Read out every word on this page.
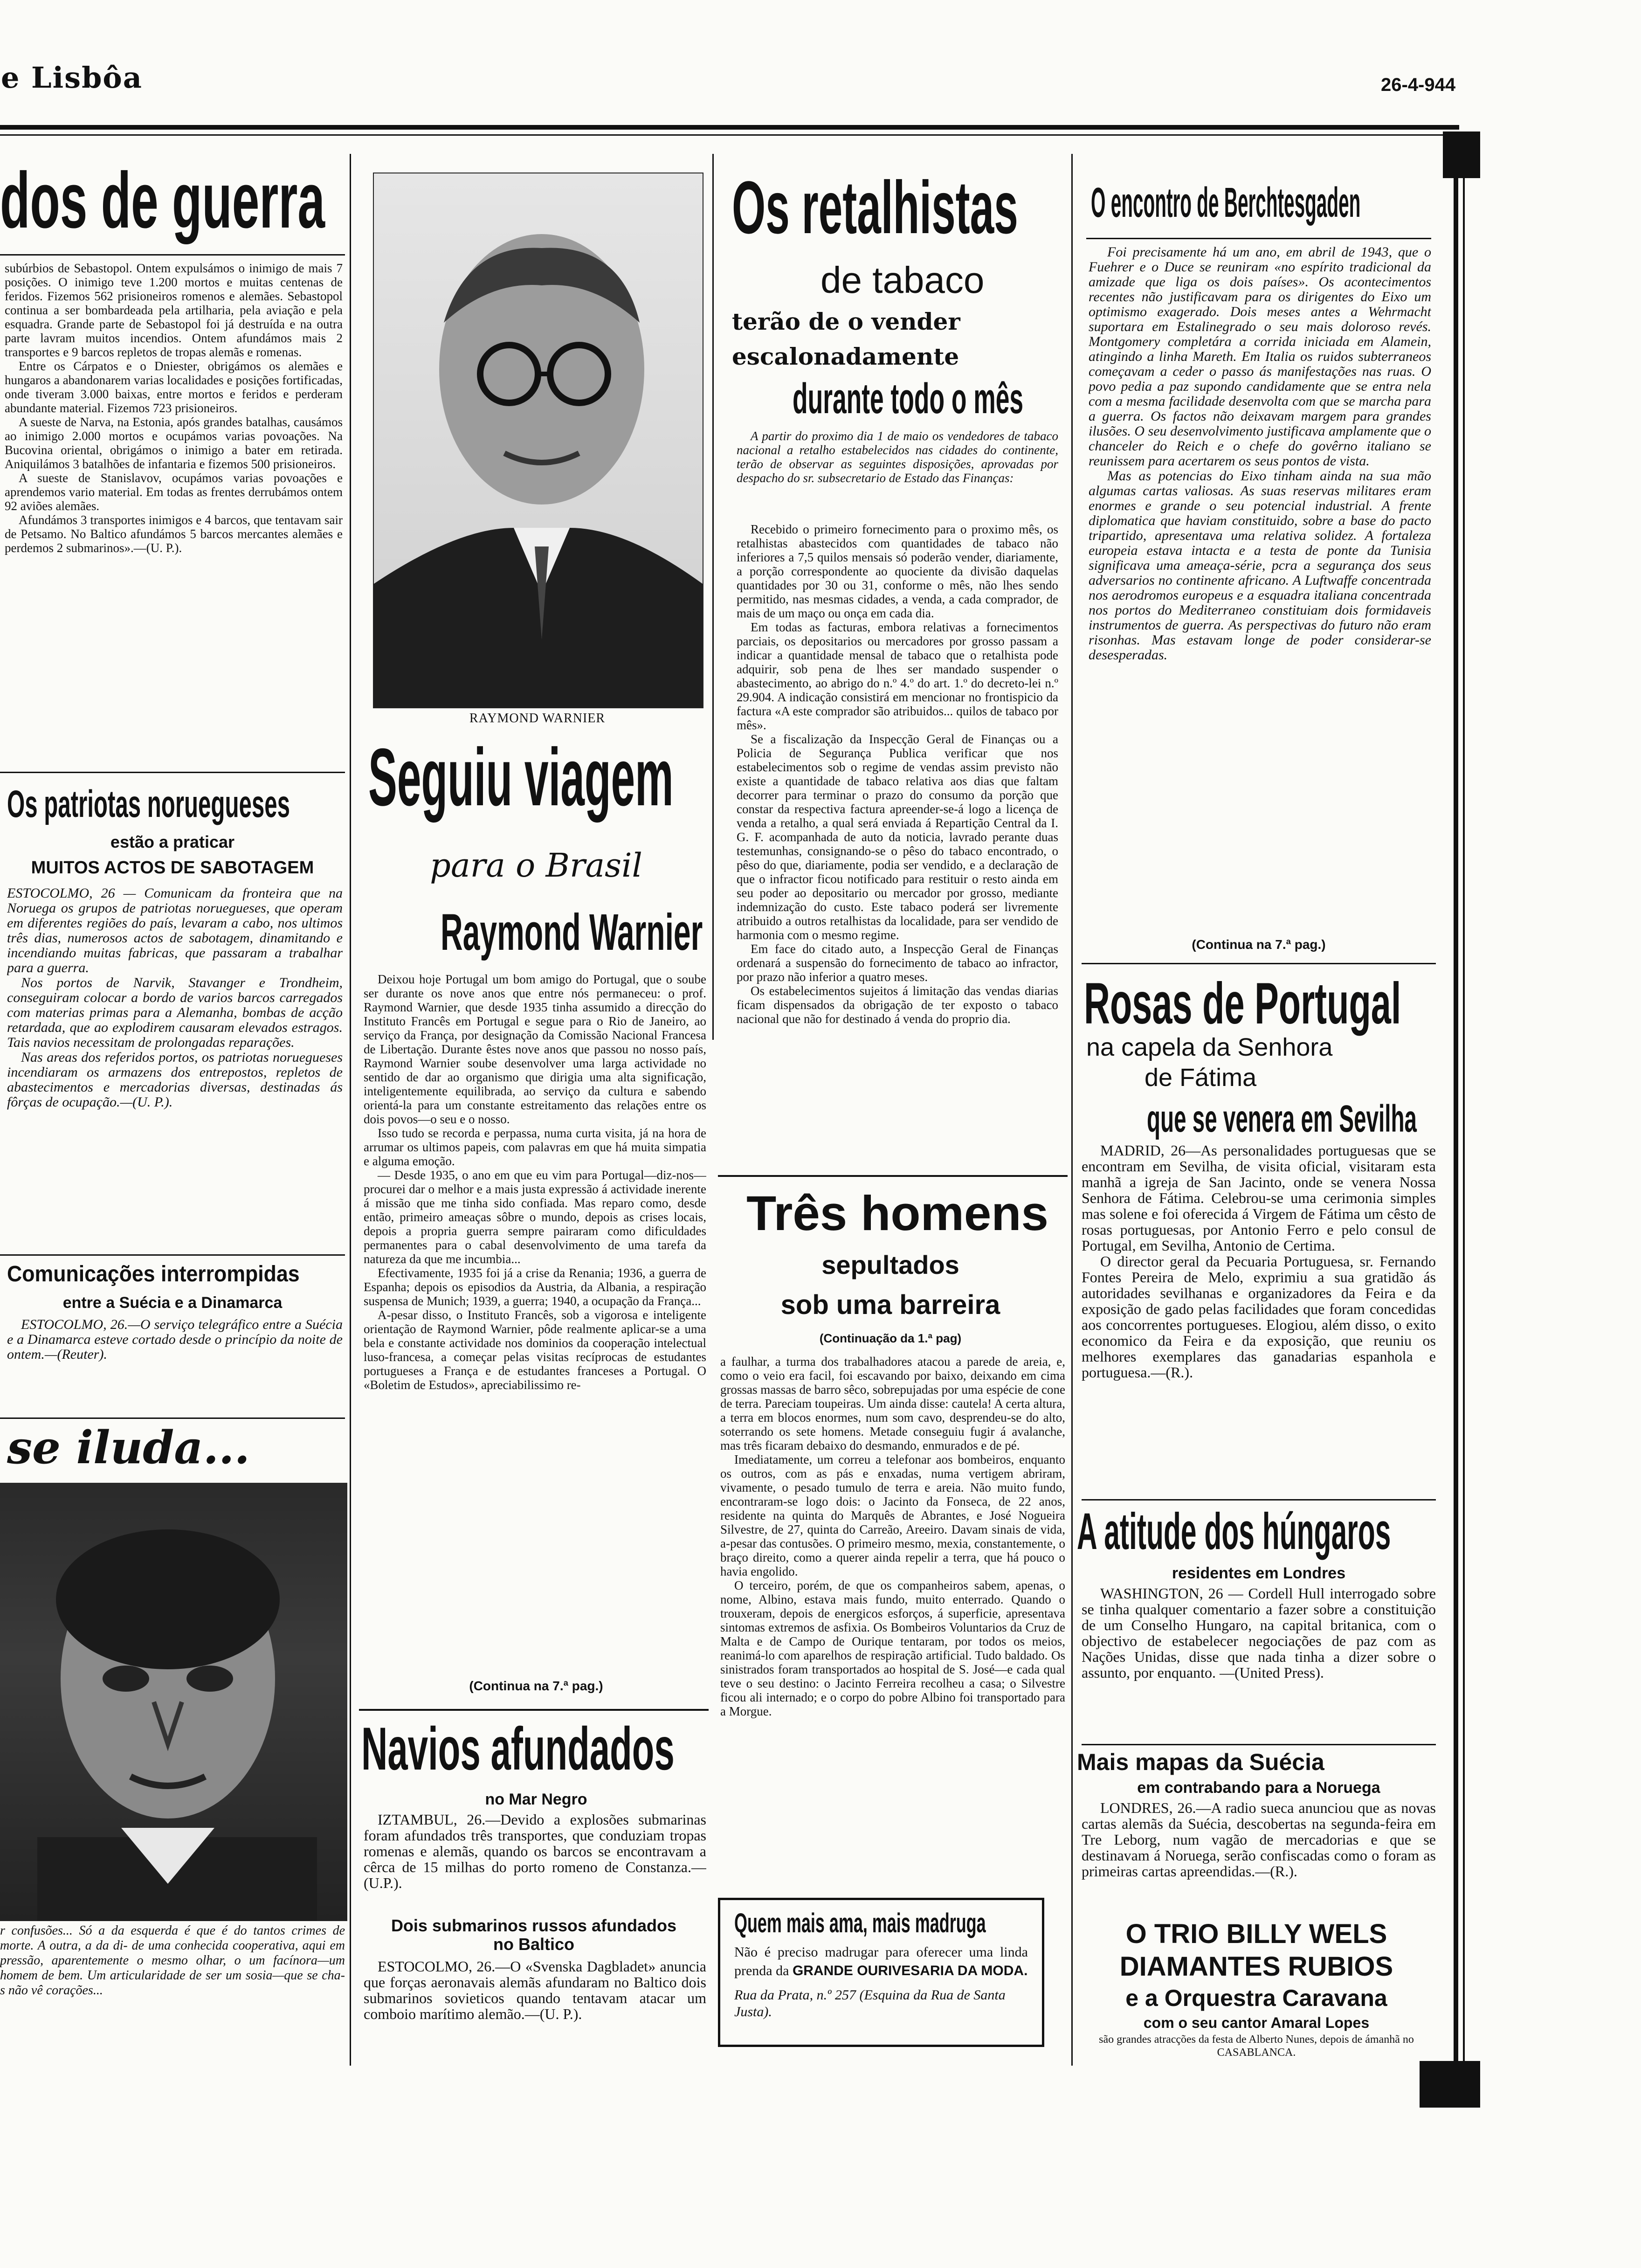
e Lisbôa	26-4-944
dos de guerra

subúrbios de Sebastopol. Ontem expulsámos o inimigo de mais 7 posições. O inimigo teve 1.200 mortos e muitas centenas de feridos. Fizemos 562 prisioneiros romenos e alemães. Sebastopol continua a ser bombardeada pela artilharia, pela aviação e pela esquadra. Grande parte de Sebastopol foi já destruída e na outra parte lavram muitos incendios. Ontem afundámos mais 2 transportes e 9 barcos repletos de tropas alemãs e romenas.

Entre os Cárpatos e o Dniester, obrigámos os alemães e hungaros a abandonarem varias localidades e posições fortificadas, onde tiveram 3.000 baixas, entre mortos e feridos e perderam abundante material. Fizemos 723 prisioneiros.

A sueste de Narva, na Estonia, após grandes batalhas, causámos ao inimigo 2.000 mortos e ocupámos varias povoações. Na Bucovina oriental, obrigámos o inimigo a bater em retirada. Aniquilámos 3 batalhões de infantaria e fizemos 500 prisioneiros.

A sueste de Stanislavov, ocupámos varias povoações e aprendemos vario material. Em todas as frentes derrubámos ontem 92 aviões alemães.

Afundámos 3 transportes inimigos e 4 barcos, que tentavam sair de Petsamo. No Baltico afundámos 5 barcos mercantes alemães e perdemos 2 submarinos».—(U. P.).

Os patriotas noruegueses
estão a praticar
MUITOS ACTOS DE SABOTAGEM

ESTOCOLMO, 26 — Comunicam da fronteira que na Noruega os grupos de patriotas noruegueses, que operam em diferentes regiões do país, levaram a cabo, nos ultimos três dias, numerosos actos de sabotagem, dinamitando e incendiando muitas fabricas, que passaram a trabalhar para a guerra.

Nos portos de Narvik, Stavanger e Trondheim, conseguiram colocar a bordo de varios barcos carregados com materias primas para a Alemanha, bombas de acção retardada, que ao explodirem causaram elevados estragos. Tais navios necessitam de prolongadas reparações.

Nas areas dos referidos portos, os patriotas noruegueses incendiaram os armazens dos entrepostos, repletos de abastecimentos e mercadorias diversas, destinadas ás fôrças de ocupação.—(U. P.).

Comunicações interrompidas
entre a Suécia e a Dinamarca
ESTOCOLMO, 26.—O serviço telegráfico entre a Suécia e a Dinamarca esteve cortado desde o princípio da noite de ontem.—(Reuter).
se iluda...
r confusões... Só a da esquerda é que é do tantos crimes de morte. A outra, a da di- de uma conhecida cooperativa, aqui em pressão, aparentemente o mesmo olhar, o um facínora—um homem de bem. Um articularidade de ser um sosia—que se cha- s não vê corações...
RAYMOND WARNIER
Seguiu viagem
para o Brasil
Raymond Warnier

Deixou hoje Portugal um bom amigo do Portugal, que o soube ser durante os nove anos que entre nós permaneceu: o prof. Raymond Warnier, que desde 1935 tinha assumido a direcção do Instituto Francês em Portugal e segue para o Rio de Janeiro, ao serviço da França, por designação da Comissão Nacional Francesa de Libertação. Durante êstes nove anos que passou no nosso país, Raymond Warnier soube desenvolver uma larga actividade no sentido de dar ao organismo que dirigia uma alta significação, inteligentemente equilibrada, ao serviço da cultura e sabendo orientá-la para um constante estreitamento das relações entre os dois povos—o seu e o nosso.

Isso tudo se recorda e perpassa, numa curta visita, já na hora de arrumar os ultimos papeis, com palavras em que há muita simpatia e alguma emoção.

— Desde 1935, o ano em que eu vim para Portugal—diz-nos—procurei dar o melhor e a mais justa expressão á actividade inerente á missão que me tinha sido confiada. Mas reparo como, desde então, primeiro ameaças sôbre o mundo, depois as crises locais, depois a propria guerra sempre pairaram como dificuldades permanentes para o cabal desenvolvimento de uma tarefa da natureza da que me incumbia...

Efectivamente, 1935 foi já a crise da Renania; 1936, a guerra de Espanha; depois os episodios da Austria, da Albania, a respiração suspensa de Munich; 1939, a guerra; 1940, a ocupação da França...

A-pesar disso, o Instituto Francês, sob a vigorosa e inteligente orientação de Raymond Warnier, pôde realmente aplicar-se a uma bela e constante actividade nos dominios da cooperação intelectual luso-francesa, a começar pelas visitas recíprocas de estudantes portugueses a França e de estudantes franceses a Portugal. O «Boletim de Estudos», apreciabilissimo re-

(Continua na 7.ª pag.)
Navios afundados
no Mar Negro
IZTAMBUL, 26.—Devido a explosões submarinas foram afundados três transportes, que conduziam tropas romenas e alemãs, quando os barcos se encontravam a cêrca de 15 milhas do porto romeno de Constanza.—(U.P.).
Dois submarinos russos afundados no Baltico
ESTOCOLMO, 26.—O «Svenska Dagbladet» anuncia que forças aeronavais alemãs afundaram no Baltico dois submarinos sovieticos quando tentavam atacar um comboio marítimo alemão.—(U. P.).
Os retalhistas
de tabaco
terão de o vender
escalonadamente
durante todo o mês
A partir do proximo dia 1 de maio os vendedores de tabaco nacional a retalho estabelecidos nas cidades do continente, terão de observar as seguintes disposições, aprovadas por despacho do sr. subsecretario de Estado das Finanças:

Recebido o primeiro fornecimento para o proximo mês, os retalhistas abastecidos com quantidades de tabaco não inferiores a 7,5 quilos mensais só poderão vender, diariamente, a porção correspondente ao quociente da divisão daquelas quantidades por 30 ou 31, conforme o mês, não lhes sendo permitido, nas mesmas cidades, a venda, a cada comprador, de mais de um maço ou onça em cada dia.

Em todas as facturas, embora relativas a fornecimentos parciais, os depositarios ou mercadores por grosso passam a indicar a quantidade mensal de tabaco que o retalhista pode adquirir, sob pena de lhes ser mandado suspender o abastecimento, ao abrigo do n.º 4.º do art. 1.º do decreto-lei n.º 29.904. A indicação consistirá em mencionar no frontispicio da factura «A este comprador são atribuidos... quilos de tabaco por mês».

Se a fiscalização da Inspecção Geral de Finanças ou a Policia de Segurança Publica verificar que nos estabelecimentos sob o regime de vendas assim previsto não existe a quantidade de tabaco relativa aos dias que faltam decorrer para terminar o prazo do consumo da porção que constar da respectiva factura apreender-se-á logo a licença de venda a retalho, a qual será enviada á Repartição Central da I. G. F. acompanhada de auto da noticia, lavrado perante duas testemunhas, consignando-se o pêso do tabaco encontrado, o pêso do que, diariamente, podia ser vendido, e a declaração de que o infractor ficou notificado para restituir o resto ainda em seu poder ao depositario ou mercador por grosso, mediante indemnização do custo. Este tabaco poderá ser livremente atribuido a outros retalhistas da localidade, para ser vendido de harmonia com o mesmo regime.

Em face do citado auto, a Inspecção Geral de Finanças ordenará a suspensão do fornecimento de tabaco ao infractor, por prazo não inferior a quatro meses.

Os estabelecimentos sujeitos á limitação das vendas diarias ficam dispensados da obrigação de ter exposto o tabaco nacional que não for destinado á venda do proprio dia.

Três homens
sepultados
sob uma barreira
(Continuação da 1.ª pag)

a faulhar, a turma dos trabalhadores atacou a parede de areia, e, como o veio era facil, foi escavando por baixo, deixando em cima grossas massas de barro sêco, sobrepujadas por uma espécie de cone de terra. Pareciam toupeiras. Um ainda disse: cautela! A certa altura, a terra em blocos enormes, num som cavo, desprendeu-se do alto, soterrando os sete homens. Metade conseguiu fugir á avalanche, mas três ficaram debaixo do desmando, enmurados e de pé.

Imediatamente, um correu a telefonar aos bombeiros, enquanto os outros, com as pás e enxadas, numa vertigem abriram, vivamente, o pesado tumulo de terra e areia. Não muito fundo, encontraram-se logo dois: o Jacinto da Fonseca, de 22 anos, residente na quinta do Marquês de Abrantes, e José Nogueira Silvestre, de 27, quinta do Carreão, Areeiro. Davam sinais de vida, a-pesar das contusões. O primeiro mesmo, mexia, constantemente, o braço direito, como a querer ainda repelir a terra, que há pouco o havia engolido.

O terceiro, porém, de que os companheiros sabem, apenas, o nome, Albino, estava mais fundo, muito enterrado. Quando o trouxeram, depois de energicos esforços, á superficie, apresentava sintomas extremos de asfixia. Os Bombeiros Voluntarios da Cruz de Malta e de Campo de Ourique tentaram, por todos os meios, reanimá-lo com aparelhos de respiração artificial. Tudo baldado. Os sinistrados foram transportados ao hospital de S. José—e cada qual teve o seu destino: o Jacinto Ferreira recolheu a casa; o Silvestre ficou ali internado; e o corpo do pobre Albino foi transportado para a Morgue.

Quem mais ama, mais madruga
Não é preciso madrugar para oferecer uma linda prenda da GRANDE OURIVESARIA DA MODA.
Rua da Prata, n.º 257 (Esquina da Rua de Santa Justa).
O encontro de Berchtesgaden

Foi precisamente há um ano, em abril de 1943, que o Fuehrer e o Duce se reuniram «no espírito tradicional da amizade que liga os dois países». Os acontecimentos recentes não justificavam para os dirigentes do Eixo um optimismo exagerado. Dois meses antes a Wehrmacht suportara em Estalinegrado o seu mais doloroso revés. Montgomery completára a corrida iniciada em Alamein, atingindo a linha Mareth. Em Italia os ruidos subterraneos começavam a ceder o passo ás manifestações nas ruas. O povo pedia a paz supondo candidamente que se entra nela com a mesma facilidade desenvolta com que se marcha para a guerra. Os factos não deixavam margem para grandes ilusões. O seu desenvolvimento justificava amplamente que o chanceler do Reich e o chefe do govêrno italiano se reunissem para acertarem os seus pontos de vista.

Mas as potencias do Eixo tinham ainda na sua mão algumas cartas valiosas. As suas reservas militares eram enormes e grande o seu potencial industrial. A frente diplomatica que haviam constituido, sobre a base do pacto tripartido, apresentava uma relativa solidez. A fortaleza europeia estava intacta e a testa de ponte da Tunisia significava uma ameaça-série, pcra a segurança dos seus adversarios no continente africano. A Luftwaffe concentrada nos aerodromos europeus e a esquadra italiana concentrada nos portos do Mediterraneo constituiam dois formidaveis instrumentos de guerra. As perspectivas do futuro não eram risonhas. Mas estavam longe de poder considerar-se desesperadas.

(Continua na 7.ª pag.)
Rosas de Portugal
na capela da Senhora
de Fátima
que se venera em Sevilha

MADRID, 26—As personalidades portuguesas que se encontram em Sevilha, de visita oficial, visitaram esta manhã a igreja de San Jacinto, onde se venera Nossa Senhora de Fátima. Celebrou-se uma cerimonia simples mas solene e foi oferecida á Virgem de Fátima um cêsto de rosas portuguesas, por Antonio Ferro e pelo consul de Portugal, em Sevilha, Antonio de Certima.

O director geral da Pecuaria Portuguesa, sr. Fernando Fontes Pereira de Melo, exprimiu a sua gratidão ás autoridades sevilhanas e organizadores da Feira e da exposição de gado pelas facilidades que foram concedidas aos concorrentes portugueses. Elogiou, além disso, o exito economico da Feira e da exposição, que reuniu os melhores exemplares das ganadarias espanhola e portuguesa.—(R.).

A atitude dos húngaros
residentes em Londres
WASHINGTON, 26 — Cordell Hull interrogado sobre se tinha qualquer comentario a fazer sobre a constituição de um Conselho Hungaro, na capital britanica, com o objectivo de estabelecer negociações de paz com as Nações Unidas, disse que nada tinha a dizer sobre o assunto, por enquanto. —(United Press).
Mais mapas da Suécia
em contrabando para a Noruega
LONDRES, 26.—A radio sueca anunciou que as novas cartas alemãs da Suécia, descobertas na segunda-feira em Tre Leborg, num vagão de mercadorias e que se destinavam á Noruega, serão confiscadas como o foram as primeiras cartas apreendidas.—(R.).
O TRIO BILLY WELS
DIAMANTES RUBIOS
e a Orquestra Caravana
com o seu cantor Amaral Lopes
são grandes atracções da festa de Alberto Nunes, depois de ámanhã no CASABLANCA.
